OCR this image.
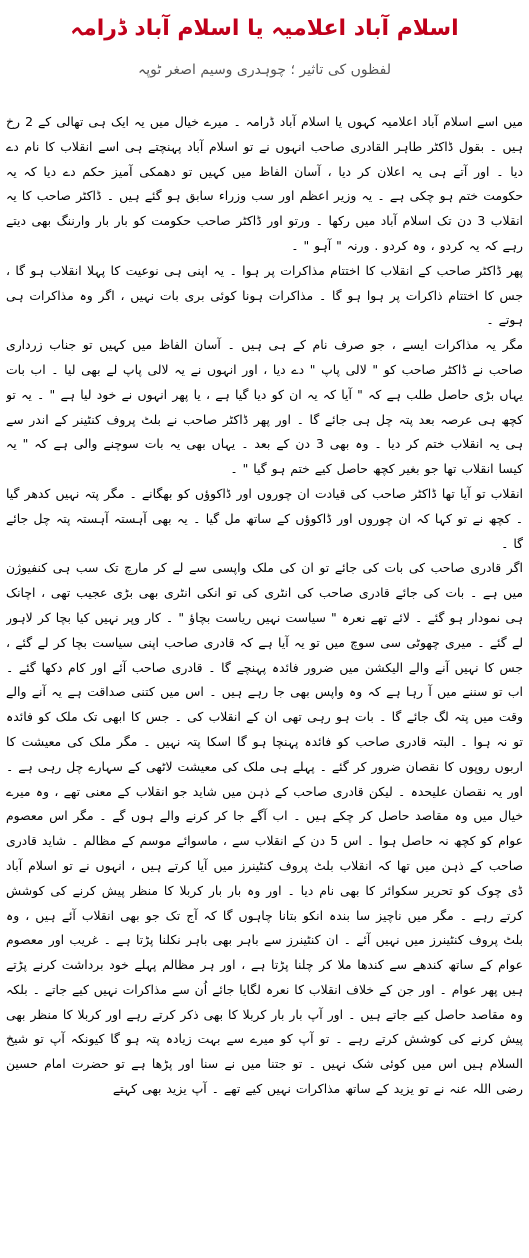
اسلام آباد اعلامیہ یا اسلام آباد ڈرامہ
لفظوں کی تاثیر ؛ چوہدری وسیم اصغر ٹوپہ

میں اسے اسلام آباد اعلامیہ کہوں یا اسلام آباد ڈرامہ ۔ میرے خیال میں یہ ایک ہی تھالی کے 2 رخ ہیں ۔ بقول ڈاکٹر طاہر القادری صاحب انہوں نے تو اسلام آباد پہنچتے ہی اسے انقلاب کا نام دے دیا ۔ اور آتے ہی یہ اعلان کر دیا ، آسان الفاظ میں کہیں تو دھمکی آمیز حکم دے دیا کہ یہ حکومت ختم ہو چکی ہے ۔ یہ وزیر اعظم اور سب وزراء سابق ہو گئے ہیں ۔ ڈاکٹر صاحب کا یہ انقلاب 3 دن تک اسلام آباد میں رکھا ۔ ورتو اور ڈاکٹر صاحب حکومت کو بار بار وارننگ بھی دیتے رہے کہ یہ کردو ، وہ کردو . ورنہ " آہو " ۔

پھر ڈاکٹر صاحب کے انقلاب کا اختتام مذاکرات پر ہوا ۔ یہ اپنی ہی نوعیت کا پہلا انقلاب ہو گا ، جس کا اختتام ذاکرات پر ہوا ہو گا ۔ مذاکرات ہونا کوئی بری بات نہیں ، اگر وہ مذاکرات ہی ہوتے ۔

مگر یہ مذاکرات ایسے ، جو صرف نام کے ہی ہیں ۔ آسان الفاظ میں کہیں تو جناب زرداری صاحب نے ڈاکٹر صاحب کو " لالی پاپ " دے دیا ، اور انہوں نے یہ لالی پاپ لے بھی لیا ۔ اب بات یہاں بڑی حاصل طلب ہے کہ " آیا کہ یہ ان کو دیا گیا ہے ، یا پھر انہوں نے خود لیا ہے " ۔ یہ تو کچھ ہی عرصہ بعد پتہ چل ہی جائے گا ۔ اور پھر ڈاکٹر صاحب نے بلٹ پروف کنٹینر کے اندر سے ہی یہ انقلاب ختم کر دیا ۔ وہ بھی 3 دن کے بعد ۔ یہاں بھی یہ بات سوچنے والی ہے کہ " یہ کیسا انقلاب تھا جو بغیر کچھ حاصل کیے ختم ہو گیا " ۔

انقلاب تو آیا تھا ڈاکٹر صاحب کی قیادت ان چوروں اور ڈاکوؤں کو بھگانے ۔ مگر پتہ نہیں کدھر گیا ۔ کچھ نے تو کہا کہ ان چوروں اور ڈاکوؤں کے ساتھ مل گیا ۔ یہ بھی آہستہ آہستہ پتہ چل جائے گا ۔

اگر قادری صاحب کی بات کی جائے تو ان کی ملک واپسی سے لے کر مارچ تک سب ہی کنفیوژن میں ہے ۔ بات کی جائے قادری صاحب کی انٹری کی تو انکی انٹری بھی بڑی عجیب تھی ، اچانک ہی نمودار ہو گئے ۔ لائے تھے نعرہ " سیاست نہیں ریاست بچاؤ " ۔ کار وپر نہیں کیا بچا کر لاہور لے گئے ۔ میری چھوٹی سی سوچ میں تو یہ آیا ہے کہ قادری صاحب اپنی سیاست بچا کر لے گئے ، جس کا نہیں آنے والے الیکشن میں ضرور فائدہ پہنچے گا ۔ قادری صاحب آئے اور کام دکھا گئے ۔ اب تو سننے میں آ رہا ہے کہ وہ واپس بھی جا رہے ہیں ۔ اس میں کتنی صداقت ہے یہ آنے والے وقت میں پتہ لگ جائے گا ۔ بات ہو رہی تھی ان کے انقلاب کی ۔ جس کا ابھی تک ملک کو فائدہ تو نہ ہوا ۔ البتہ قادری صاحب کو فائدہ پہنچا ہو گا اسکا پتہ نہیں ۔ مگر ملک کی معیشت کا اربوں روپوں کا نقصان ضرور کر گئے ۔ پہلے ہی ملک کی معیشت لاٹھی کے سہارے چل رہی ہے ۔ اور یہ نقصان علیحدہ ۔ لیکن قادری صاحب کے ذہن میں شاید جو انقلاب کے معنی تھے ، وہ میرے خیال میں وہ مقاصد حاصل کر چکے ہیں ۔ اب آگے جا کر کرنے والے ہوں گے ۔ مگر اس معصوم عوام کو کچھ نہ حاصل ہوا ۔ اس 5 دن کے انقلاب سے ، ماسوائے موسم کے مظالم ۔ شاید قادری صاحب کے ذہن میں تھا کہ انقلاب بلٹ پروف کنٹینرز میں آیا کرتے ہیں ، انہوں نے تو اسلام آباد ڈی چوک کو تحریر سکوائر کا بھی نام دیا ۔ اور وہ بار بار کربلا کا منظر پیش کرنے کی کوشش کرتے رہے ۔ مگر میں ناچیز سا بندہ انکو بتانا چاہوں گا کہ آج تک جو بھی انقلاب آئے ہیں ، وہ بلٹ پروف کنٹینرز میں نہیں آئے ۔ ان کنٹینرز سے باہر بھی باہر نکلنا پڑتا ہے ۔ غریب اور معصوم عوام کے ساتھ کندھے سے کندھا ملا کر چلنا پڑتا ہے ، اور ہر مظالم پہلے خود برداشت کرنے پڑتے ہیں پھر عوام ۔ اور جن کے خلاف انقلاب کا نعرہ لگایا جائے اُن سے مذاکرات نہیں کیے جاتے ۔ بلکہ وہ مقاصد حاصل کیے جاتے ہیں ۔ اور آپ بار بار کربلا کا بھی ذکر کرتے رہے اور کربلا کا منظر بھی پیش کرنے کی کوشش کرتے رہے ۔ تو آپ کو میرے سے بہت زیادہ پتہ ہو گا کیونکہ آپ تو شیخ السلام ہیں اس میں کوئی شک نہیں ۔ تو جتنا میں نے سنا اور پڑھا ہے تو حضرت امام حسین رضی اللہ عنہ نے تو یزید کے ساتھ مذاکرات نہیں کیے تھے ۔ آپ یزید بھی کہتے
